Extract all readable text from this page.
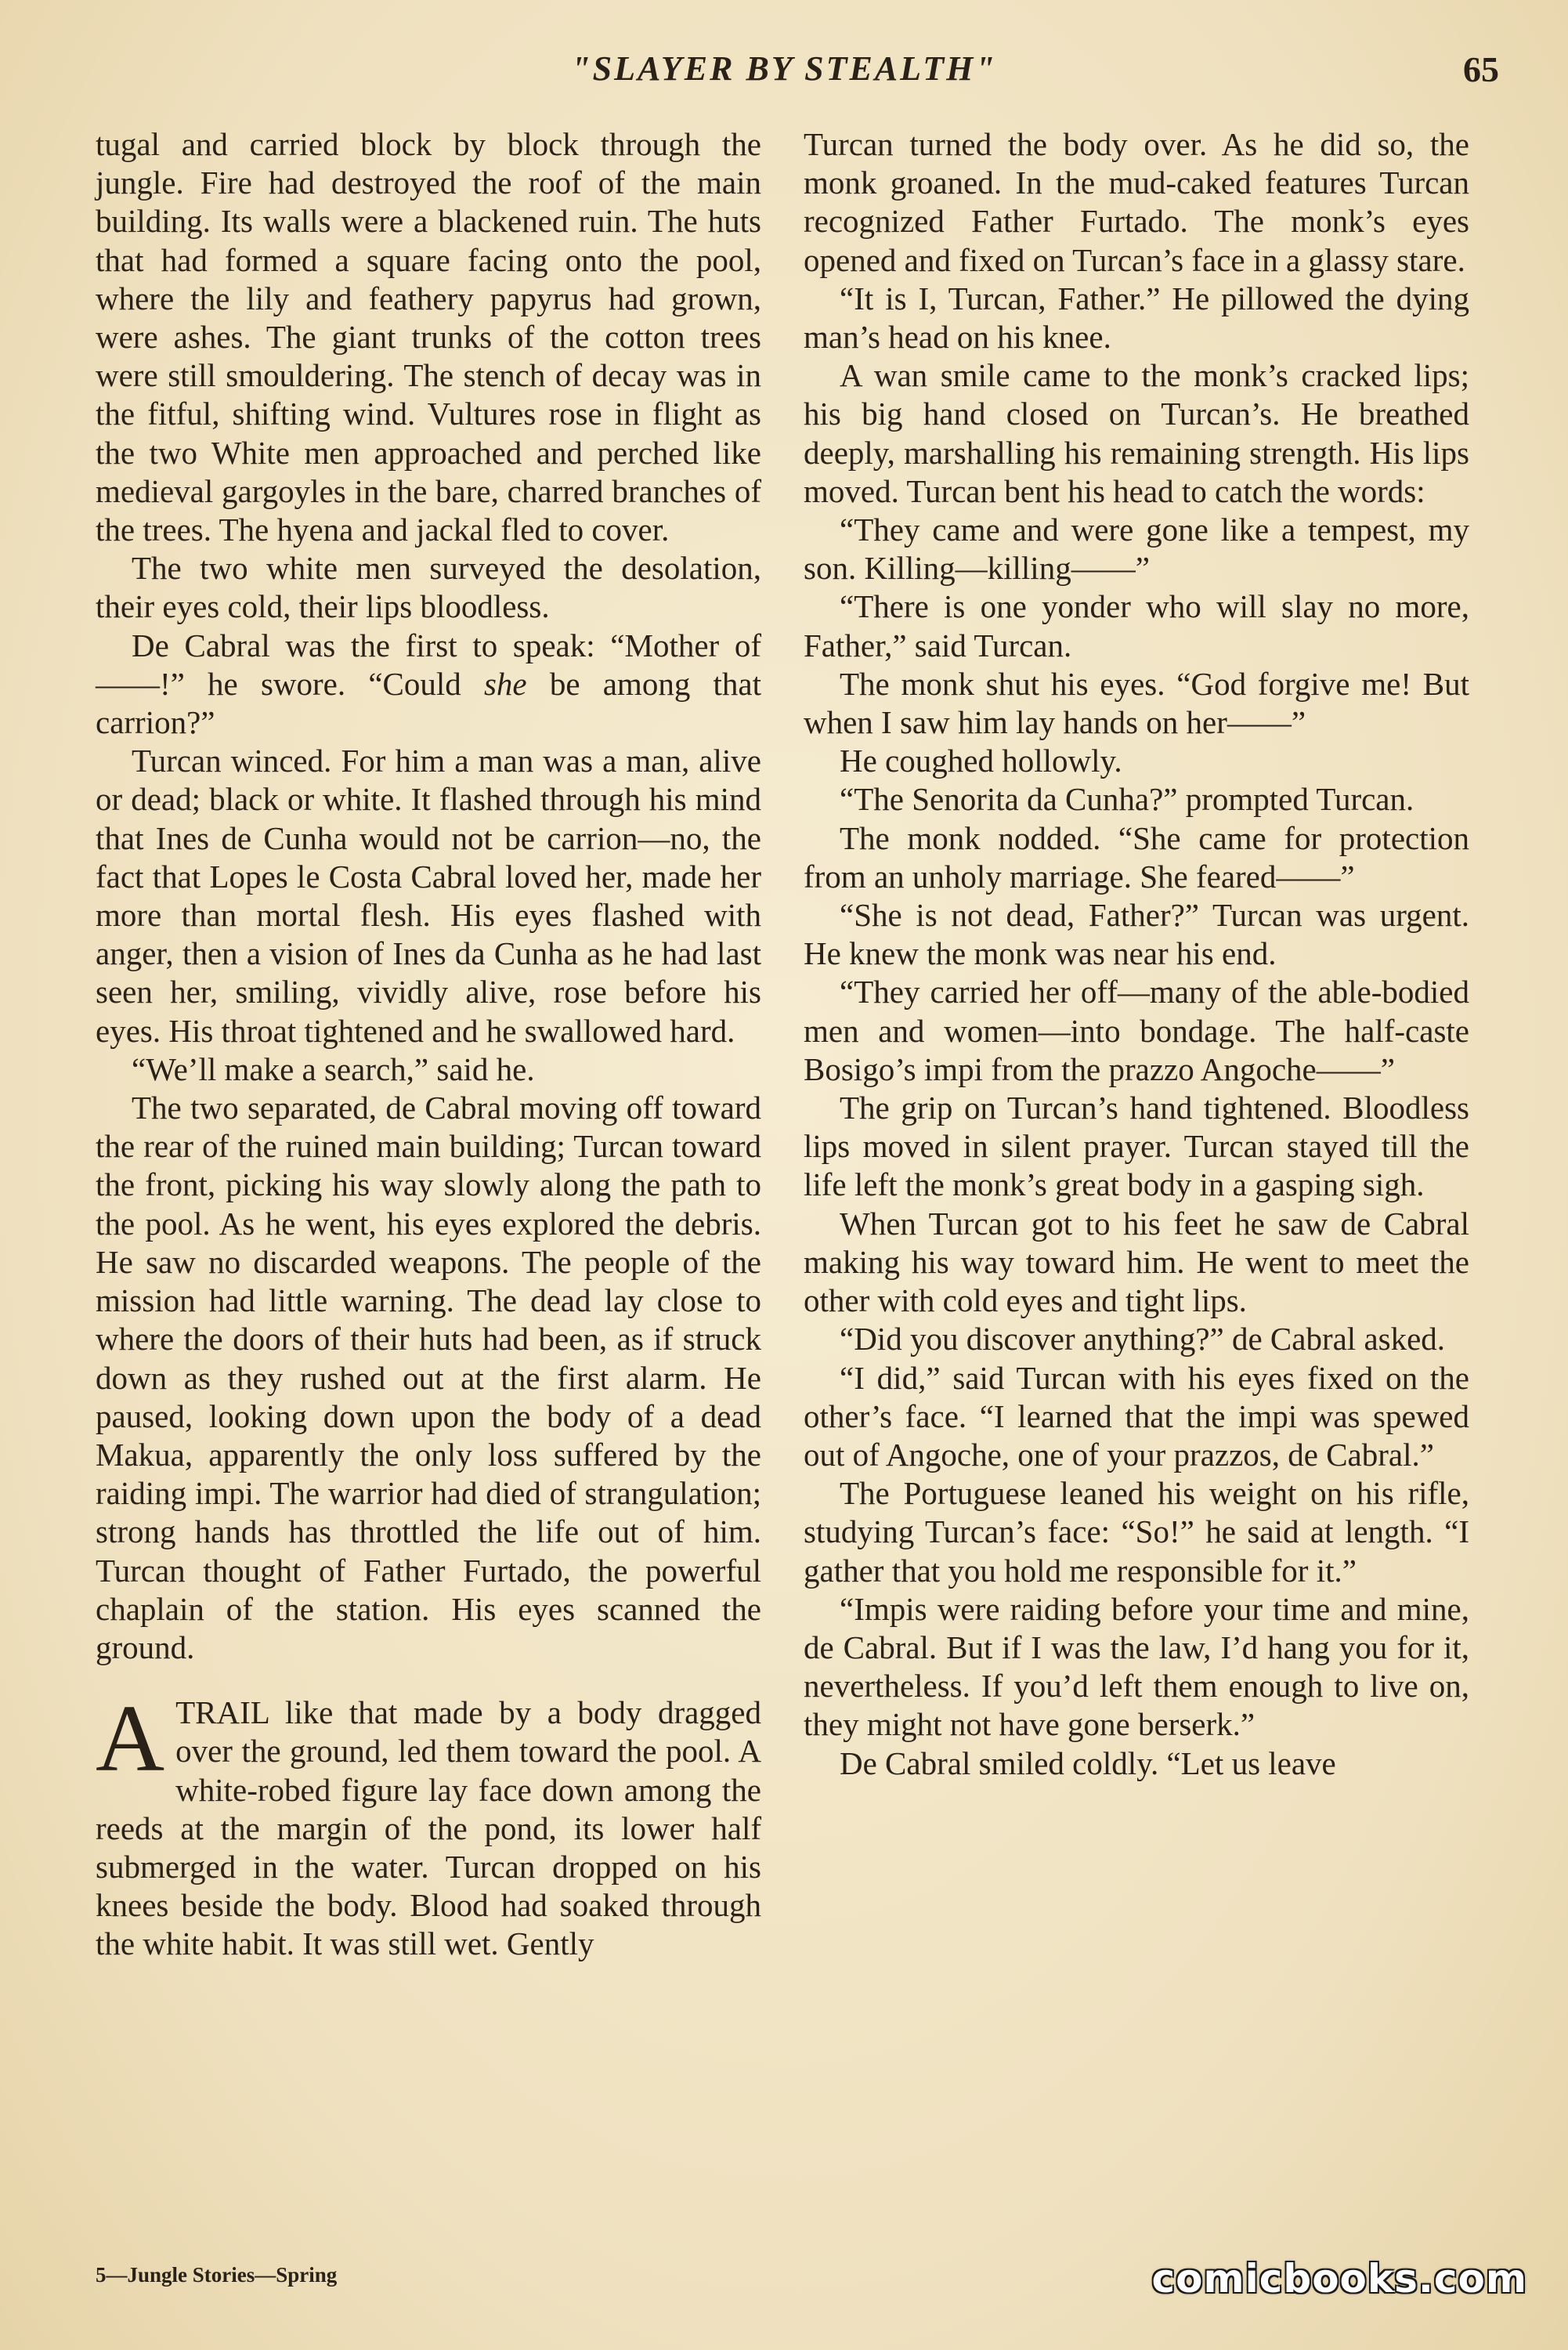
"SLAYER BY STEALTH"	65

tugal and carried block by block through the jungle. Fire had destroyed the roof of the main building. Its walls were a blackened ruin. The huts that had formed a square facing onto the pool, where the lily and feathery papyrus had grown, were ashes. The giant trunks of the cotton trees were still smouldering. The stench of decay was in the fitful, shifting wind. Vultures rose in flight as the two White men approached and perched like medieval gargoyles in the bare, charred branches of the trees. The hyena and jackal fled to cover.

The two white men surveyed the desolation, their eyes cold, their lips bloodless.

De Cabral was the first to speak: “Mother of——!” he swore. “Could she be among that carrion?”

Turcan winced. For him a man was a man, alive or dead; black or white. It flashed through his mind that Ines de Cunha would not be carrion—no, the fact that Lopes le Costa Cabral loved her, made her more than mortal flesh. His eyes flashed with anger, then a vision of Ines da Cunha as he had last seen her, smiling, vividly alive, rose before his eyes. His throat tightened and he swallowed hard.

“We’ll make a search,” said he.

The two separated, de Cabral moving off toward the rear of the ruined main building; Turcan toward the front, picking his way slowly along the path to the pool. As he went, his eyes explored the debris. He saw no discarded weapons. The people of the mission had little warning. The dead lay close to where the doors of their huts had been, as if struck down as they rushed out at the first alarm. He paused, looking down upon the body of a dead Makua, apparently the only loss suffered by the raiding impi. The warrior had died of strangulation; strong hands has throttled the life out of him. Turcan thought of Father Furtado, the powerful chaplain of the station. His eyes scanned the ground.

A TRAIL like that made by a body dragged over the ground, led them toward the pool. A white-robed figure lay face down among the reeds at the margin of the pond, its lower half submerged in the water. Turcan dropped on his knees beside the body. Blood had soaked through the white habit. It was still wet. Gently

Turcan turned the body over. As he did so, the monk groaned. In the mud-caked features Turcan recognized Father Furtado. The monk’s eyes opened and fixed on Turcan’s face in a glassy stare.

“It is I, Turcan, Father.” He pillowed the dying man’s head on his knee.

A wan smile came to the monk’s cracked lips; his big hand closed on Turcan’s. He breathed deeply, marshalling his remaining strength. His lips moved. Turcan bent his head to catch the words:

“They came and were gone like a tempest, my son. Killing—killing——”

“There is one yonder who will slay no more, Father,” said Turcan.

The monk shut his eyes. “God forgive me! But when I saw him lay hands on her——”

He coughed hollowly.

“The Senorita da Cunha?” prompted Turcan.

The monk nodded. “She came for protection from an unholy marriage. She feared——”

“She is not dead, Father?” Turcan was urgent. He knew the monk was near his end.

“They carried her off—many of the able-bodied men and women—into bondage. The half-caste Bosigo’s impi from the prazzo Angoche——”

The grip on Turcan’s hand tightened. Bloodless lips moved in silent prayer. Turcan stayed till the life left the monk’s great body in a gasping sigh.

When Turcan got to his feet he saw de Cabral making his way toward him. He went to meet the other with cold eyes and tight lips.

“Did you discover anything?” de Cabral asked.

“I did,” said Turcan with his eyes fixed on the other’s face. “I learned that the impi was spewed out of Angoche, one of your prazzos, de Cabral.”

The Portuguese leaned his weight on his rifle, studying Turcan’s face: “So!” he said at length. “I gather that you hold me responsible for it.”

“Impis were raiding before your time and mine, de Cabral. But if I was the law, I’d hang you for it, nevertheless. If you’d left them enough to live on, they might not have gone berserk.”

De Cabral smiled coldly. “Let us leave

5—Jungle Stories—Spring	comicbooks.com
